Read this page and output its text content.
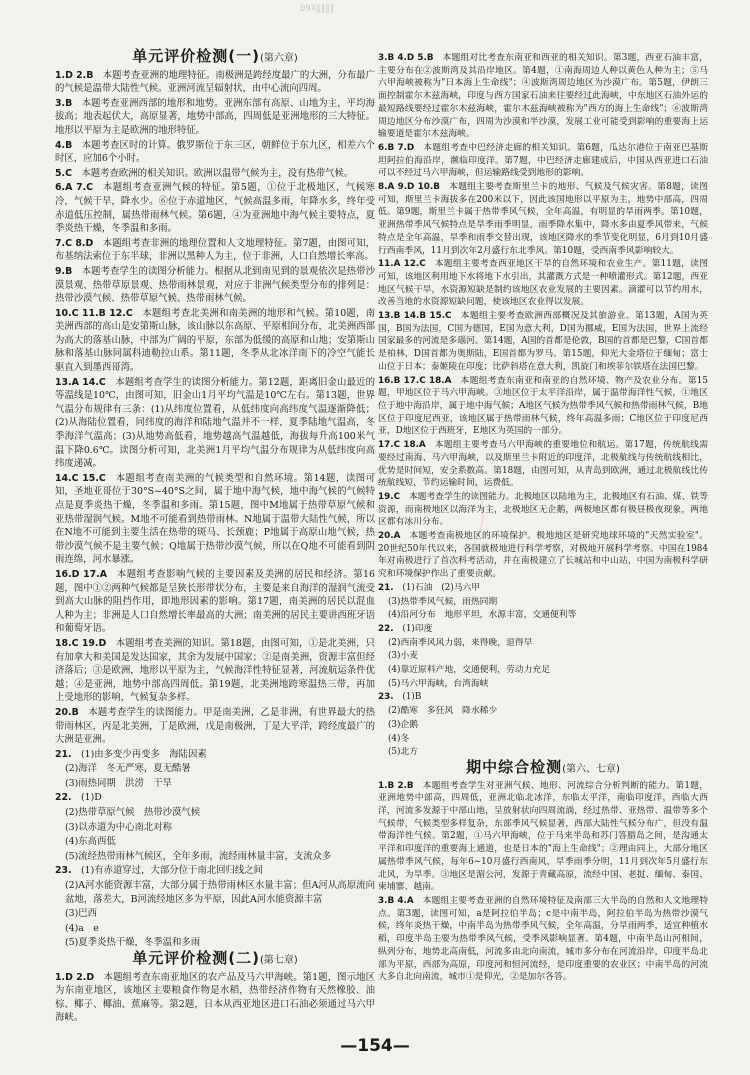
09X∥∥∥∥
单元评价检测(一)(第六章)
1.D 2.B  本题考查亚洲的地理特征。南极洲是跨经度最广的大洲，分布最广的气候是温带大陆性气候。亚洲河流呈辐射状，由中心流向四周。
3.B  本题考查亚洲西部的地形和地势。亚洲东部有高原、山地为主，平均海拔高；地表起伏大，高原显著，地势中部高，四周低是亚洲地形的三大特征。地形以平原为主是欧洲的地形特征。
4.B  本题考查区时的计算。俄罗斯位于东三区，朝鲜位于东九区，相差六个时区，应加6个小时。
5.C  本题考查欧洲的相关知识。欧洲以温带气候为主，没有热带气候。
6.A 7.C  本题组考查亚洲气候的特征。第5题，①位于北极地区，气候寒冷，气候干旱，降水少。⑥位于赤道地区，气候高温多雨，年降水多，终年受赤道低压控制，属热带雨林气候。第6题，④为亚洲地中海气候主要特点，夏季炎热干燥，冬季温和多雨。
7.C 8.D  本题组考查非洲的地理位置和人文地理特征。第7题，由图可知，布基纳法索位于东半球，非洲以黑种人为主，位于非洲，人口自然增长率高。
9.B  本题考查学生的读图分析能力。根据从北到南见到的景观依次是热带沙漠景观、热带草原景观、热带雨林景观，对应于非洲气候类型分布的排列是：热带沙漠气候、热带草原气候、热带雨林气候。
10.C 11.B 12.C  本题组考查北美洲和南美洲的地形和气候。第10题，南美洲西部的高山是安第斯山脉，该山脉以东高原、平原相间分布，北美洲西部为高大的落基山脉，中部为广阔的平原，东部为低缓的高原和山地；安第斯山脉和落基山脉同属科迪勒拉山系。第11题，冬季从北冰洋南下的冷空气能长驱直入到墨西哥湾。
13.A 14.C  本题组考查学生的读图分析能力。第12题，距离旧金山最近的等温线是10℃，由图可知，旧金山1月平均气温是10℃左右。第13题，世界气温分布规律有三条：(1)从纬度位置看，从低纬度向高纬度气温逐渐降低；(2)从海陆位置看，同纬度的海洋和陆地气温并不一样，夏季陆地气温高，冬季海洋气温高；(3)从地势高低看，地势越高气温越低，海拔每升高100米气温下降0.6℃。读图分析可知，北美洲1月平均气温分布规律为从低纬度向高纬度递减。
14.C 15.C  本题组考查南美洲的气候类型和自然环境。第14题，读图可知，圣地亚哥位于30°S~40°S之间，属于地中海气候，地中海气候的气候特点是夏季炎热干燥，冬季温和多雨。第15题，图中M地属于热带草原气候和亚热带湿润气候。M地不可能看到热带雨林。N地属于温带大陆性气候，所以在N地不可能到主要生活在热带的斑马、长颈鹿；P地属于高原山地气候，热带沙漠气候不是主要气候；Q地属于热带沙漠气候，所以在Q地不可能看到阴雨连绵，河水暴涨。
16.D 17.A  本题组考查影响气候的主要因素及美洲的居民和经济。第16题，图中①②两种气候都是呈狭长形带状分布，主要是来自海洋的湿润气流受到高大山脉的阻挡作用，即地形因素的影响。第17题，南美洲的居民以混血人种为主；非洲是人口自然增长率最高的大洲；南美洲的居民主要讲西班牙语和葡萄牙语。
18.C 19.D  本题组考查美洲的知识。第18题，由图可知，①是北美洲，只有加拿大和美国是发达国家，其余为发展中国家；②是南美洲，资源丰富但经济落后；③是欧洲，地形以平原为主，气候海洋性特征显著，河流航运条件优越；④是亚洲，地势中部高四周低。第19题，北美洲地跨寒温热三带，再加上受地形的影响，气候复杂多样。
20.B  本题考查学生的读图能力。甲是南美洲，乙是非洲，有世界最大的热带雨林区，丙是北美洲，丁是欧洲，戊是南极洲，丁是大平洋，跨经度最广的大洲是亚洲。
21.  (1)由多变少再变多　海陆因素
(2)海洋　冬无严寒，夏无酷暑
(3)雨热同期　洪涝　干旱
22.  (1)D
(2)热带草原气候　热带沙漠气候
(3)以赤道为中心南北对称
(4)东高西低
(5)流经热带雨林气候区，全年多雨，流经雨林量丰富，支流众多
23.  (1)有赤道穿过，大部分位于南北回归线之间
(2)A河水能资源丰富，大部分属于热带雨林区水量丰富；但A河从高原流向盆地，落差大，B河流经地区多为平原，因此A河水能资源丰富
(3)巴西
(4)a　e
(5)夏季炎热干燥，冬季温和多雨
单元评价检测(二)(第七章)
1.D 2.D  本题组考查东南亚地区的农产品及马六甲海峡。第1题，图示地区为东南亚地区，该地区主要粮食作物是水稻，热带经济作物有天然橡胶、油棕、椰子、椰油、蕉麻等。第2题，日本从西亚地区进口石油必须通过马六甲海峡。
3.B 4.D 5.B  本题组对比考查东南亚和西亚的相关知识。第3题，西亚石油丰富，主要分布在②波斯湾及其沿岸地区。第4题，①南海周边人种以黄色人种为主；⑤马六甲海峡被称为"日本海上生命线"；④波斯湾周边地区为沙漠广布。第5题，伊朗三面控制霍尔木兹海峡，印度与西方国家石油来往要经过此海峡，中东地区石油外运的最短路线要经过霍尔木兹海峡，霍尔木兹海峡被称为"西方的海上生命线"；⑥波斯湾周边地区分布沙漠广布，四周为沙漠和半沙漠，发展工业可能受到影响的重要海上运输要道是霍尔木兹海峡。
6.B 7.D  本题组考查中巴经济走廊的相关知识。第6题，瓜达尔港位于南亚巴基斯坦阿拉伯海沿岸，濒临印度洋。第7题，中巴经济走廊建成后，中国从西亚进口石油可以不经过马六甲海峡，但运输路线受到地形的影响。
8.A 9.D 10.B  本题组主要考查斯里兰卡的地形、气候及气候灾害。第8题，读图可知，斯里兰卡海拔多在200米以下，因此该国地形以平原为主，地势中部高，四周低。第9题，斯里兰卡属于热带季风气候，全年高温，有明显的旱雨两季。第10题，亚洲热带季风气候特点是旱季雨季明显，雨季降水集中，降水多由夏季风带来，气候特点是全年高温，旱季和雨季交替出现，该地区降水的季节变化明显，6月到10月盛行西南季风，11月到次年2月盛行东北季风。第10题，受西南季风影响较大。
11.A 12.C  本题组主要考查西亚地区干旱的自然环境和农业生产。第11题，读图可知，该地区利用地下水将地下水引出，其灌溉方式是一种喷灌形式。第12题，西亚地区气候干旱，水资源短缺是制约该地区农业发展的主要因素。滴灌可以节约用水，改善当地的水资源短缺问题，使该地区农业得以发展。
13.B 14.B 15.C  本题组主要考查欧洲西部概况及其旅游业。第13题，A国为英国，B国为法国，C国为德国，E国为意大利，D国为挪威，E国为法国，世界上流经国家最多的河流是多瑙河。第14题，A国的首都是伦敦，B国的首都是巴黎，C国首都是柏林，D国首都为奥斯陆，E国首都为罗马。第15题，仰光大金塔位于缅甸；富士山位于日本；泰姬陵在印度；比萨斜塔在意大利，凯旋门和埃菲尔铁塔在法国巴黎。
16.B 17.C 18.A  本题组考查东南亚和南亚的自然环境、物产及农业分布。第15题，甲地区位于马六甲海峡。③地区位于太平洋沿岸，属于温带海洋性气候，①地区位于地中海沿岸，属于地中海气候；A地区气候为热带季风气候和热带雨林气候，B地区位于印度尼西亚，该地区属于热带雨林气候，终年高温多雨；C地区位于印度尼西亚，D地区位于西班牙，E地区为英国的一部分。
17.C 18.A  本题组主要考查马六甲海峡的重要地位和航运。第17题，传统航线需要经过南海、马六甲海峡，以及斯里兰卡附近的印度洋，北极航线与传统航线相比，优势是时间短，安全系数高。第18题，由图可知，从青岛到欧洲，通过北极航线比传统航线短，节约运输时间，运费低。
19.C  本题考查学生的读图能力。北极地区以陆地为主，北极地区有石油、煤、铁等资源，而南极地区以海洋为主，北极地区无企鹅，两极地区都有极昼极夜现象，两地区都有冰川分布。
20.A  本题考查南极地区的环境保护。极地地区是研究地球环境的"天然实验室"。20世纪50年代以来，各国就极地进行科学考察，对极地开展科学考察。中国在1984年对南极进行了首次科考活动，并在南极建立了长城站和中山站，中国为南极科学研究和环境保护作出了重要贡献。
21.  (1)石油　(2)马六甲
(3)热带季风气候，雨热同期
(4)沿河分布　地形平坦，水源丰富，交通便利等
22.  (1)印度
(2)西南季风风力弱，来得晚，退得早
(3)小麦
(4)靠近原料产地，交通便利，劳动力充足
(5)马六甲海峡，台湾海峡
23.  (1)B
(2)酷寒　多狂风　降水稀少
(3)企鹅
(4)冬
(5)北方
期中综合检测(第六、七章)
1.B 2.B  本题组考查学生对亚洲气候、地形、河流综合分析判断的能力。第1题，亚洲地势中部高，四周低，亚洲北临北冰洋，东临太平洋，南临印度洋，西临大西洋，河流多发源于中部山地，呈放射状向四周流淌，经过热带、亚热带、温带等多个气候带，气候类型多样复杂，东部季风气候显著，西部大陆性气候分布广，但没有温带海洋性气候。第2题，①马六甲海峡，位于马来半岛和苏门答腊岛之间，是沟通太平洋和印度洋的重要海上通道，也是日本的"海上生命线"；②理由同上，大部分地区属热带季风气候，每年6~10月盛行西南风，旱季雨季分明，11月到次年5月盛行东北风，为旱季。③地区是湄公河，发源于青藏高原，流经中国、老挝、缅甸、泰国、柬埔寨、越南。
3.B 4.A  本题组主要考查亚洲的自然环境特征及南部三大半岛的自然和人文地理特点。第3题，读图可知，a是阿拉伯半岛；c是中南半岛，阿拉伯半岛为热带沙漠气候，终年炎热干燥，中南半岛为热带季风气候，全年高温，分旱雨两季，适宜种植水稻，印度半岛主要为热带季风气候，受季风影响显著。第4题，中南半岛山河相间，纵列分布，地势北高南低，河流多由北向南流，城市多分布在河流沿岸，印度半岛北部为平原，西部为高原，印度河和恒河流经，是印度重要的农业区；中南半岛的河流大多自北向南流，城市①是仰光，②是加尔各答。
—154—
